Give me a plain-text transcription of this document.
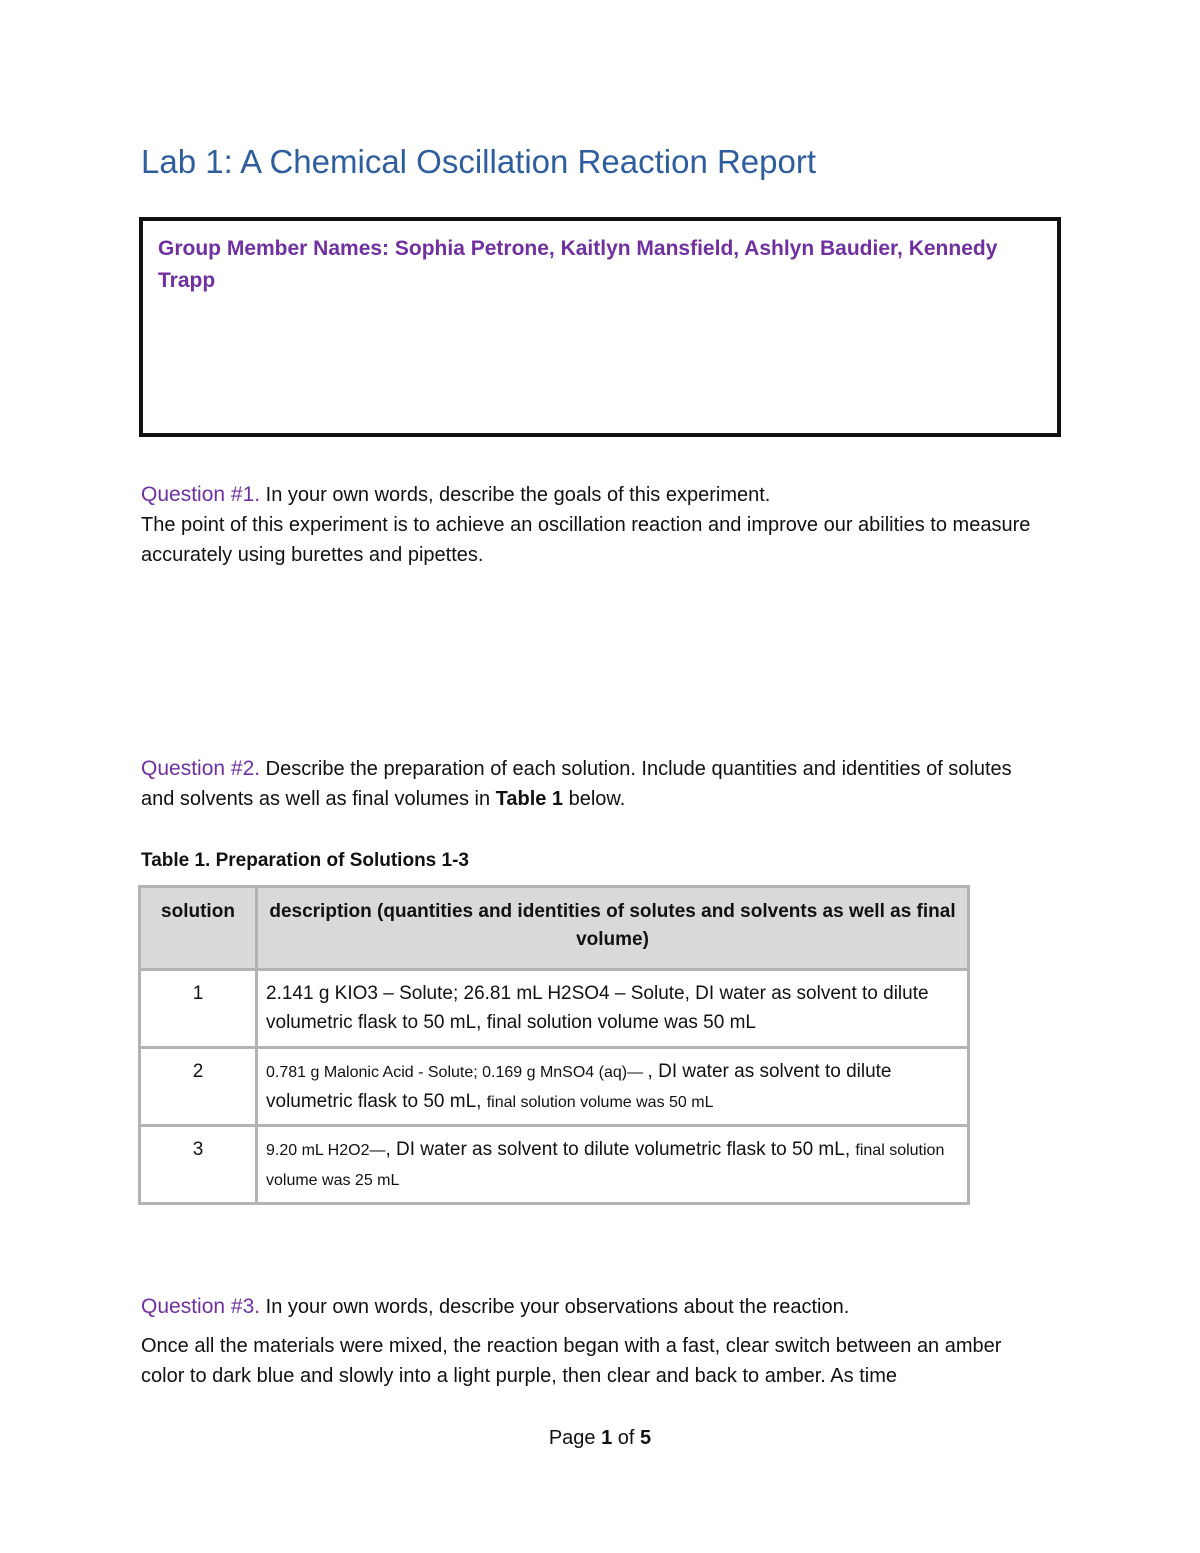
Lab 1: A Chemical Oscillation Reaction Report
Group Member Names: Sophia Petrone, Kaitlyn Mansfield, Ashlyn Baudier, Kennedy Trapp
Question #1. In your own words, describe the goals of this experiment.
The point of this experiment is to achieve an oscillation reaction and improve our abilities to measure accurately using burettes and pipettes.
Question #2. Describe the preparation of each solution. Include quantities and identities of solutes and solvents as well as final volumes in Table 1 below.
Table 1. Preparation of Solutions 1-3
solution	description (quantities and identities of solutes and solvents as well as final volume)
1	2.141 g KIO3 – Solute; 26.81 mL H2SO4 – Solute, DI water as solvent to dilute volumetric flask to 50 mL, final solution volume was 50 mL
2	0.781 g Malonic Acid - Solute; 0.169 g MnSO4 (aq)— , DI water as solvent to dilute volumetric flask to 50 mL, final solution volume was 50 mL
3	9.20 mL H2O2—, DI water as solvent to dilute volumetric flask to 50 mL, final solution volume was 25 mL
Question #3. In your own words, describe your observations about the reaction.
Once all the materials were mixed, the reaction began with a fast, clear switch between an amber color to dark blue and slowly into a light purple, then clear and back to amber. As time
Page 1 of 5
